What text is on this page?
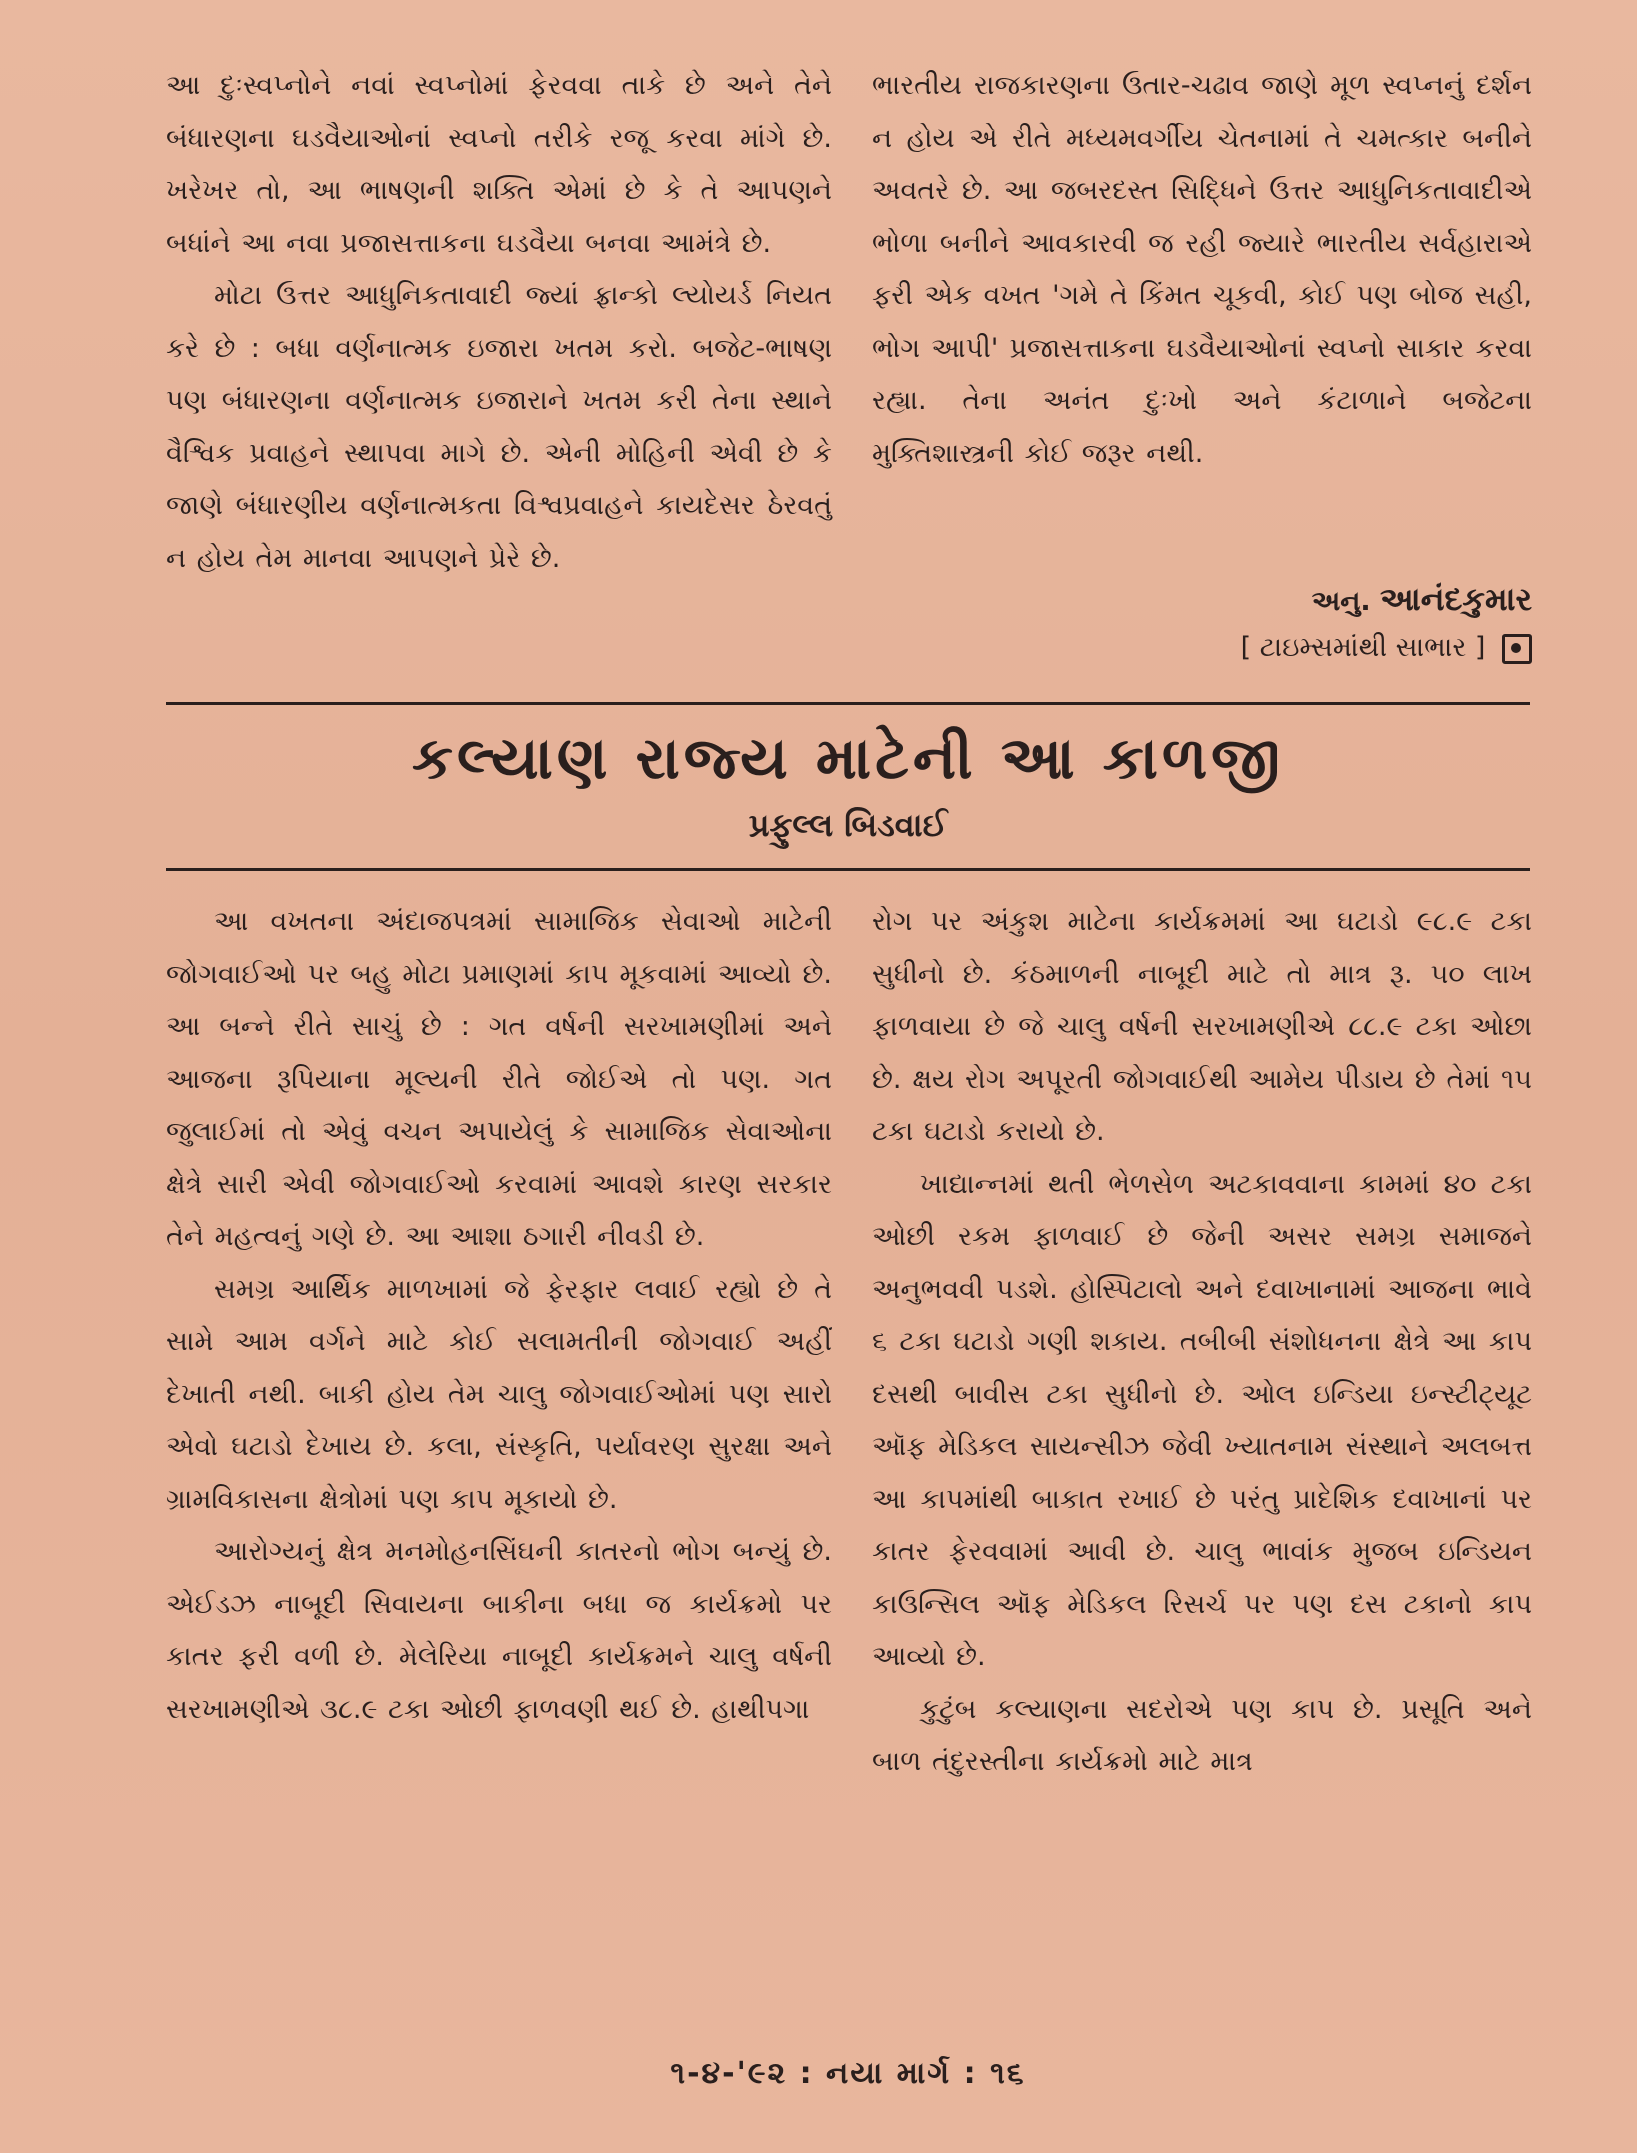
આ દુઃસ્વપ્નોને નવાં સ્વપ્નોમાં ફેરવવા તાકે છે અને તેને બંધારણના ઘડવૈયાઓનાં સ્વપ્નો તરીકે રજૂ કરવા માંગે છે. ખરેખર તો, આ ભાષણની શક્તિ એમાં છે કે તે આપણને બધાંને આ નવા પ્રજાસત્તાકના ઘડવૈયા બનવા આમંત્રે છે.

મોટા ઉત્તર આધુનિકતાવાદી જ્યાં ફ્રાન્કો લ્યોયર્ડ નિયત કરે છે : બધા વર્ણનાત્મક ઇજારા ખતમ કરો. બજેટ-ભાષણ પણ બંધારણના વર્ણનાત્મક ઇજારાને ખતમ કરી તેના સ્થાને વૈશ્વિક પ્રવાહને સ્થાપવા માગે છે. એની મોહિની એવી છે કે જાણે બંધારણીય વર્ણનાત્મકતા વિશ્વપ્રવાહને કાયદેસર ઠેરવતું ન હોય તેમ માનવા આપણને પ્રેરે છે.

ભારતીય રાજકારણના ઉતાર-ચઢાવ જાણે મૂળ સ્વપ્નનું દર્શન ન હોય એ રીતે મધ્યમવર્ગીય ચેતનામાં તે ચમત્કાર બનીને અવતરે છે. આ જબરદસ્ત સિદ્ધિને ઉત્તર આધુનિકતાવાદીએ ભોળા બનીને આવકારવી જ રહી જ્યારે ભારતીય સર્વહારાએ ફરી એક વખત 'ગમે તે કિંમત ચૂકવી, કોઈ પણ બોજ સહી, ભોગ આપી' પ્રજાસત્તાકના ઘડવૈયાઓનાં સ્વપ્નો સાકાર કરવા રહ્યા. તેના અનંત દુઃખો અને કંટાળાને બજેટના મુક્તિશાસ્ત્રની કોઈ જરૂર નથી.

અનુ. આનંદકુમાર
[ ટાઇમ્સમાંથી સાભાર ]
કલ્યાણ રાજ્ય માટેની આ કાળજી
પ્રફુલ્લ બિડવાઈ

આ વખતના અંદાજપત્રમાં સામાજિક સેવાઓ માટેની જોગવાઈઓ પર બહુ મોટા પ્રમાણમાં કાપ મૂકવામાં આવ્યો છે. આ બન્ને રીતે સાચું છે : ગત વર્ષની સરખામણીમાં અને આજના રૂપિયાના મૂલ્યની રીતે જોઈએ તો પણ. ગત જુલાઈમાં તો એવું વચન અપાયેલું કે સામાજિક સેવાઓના ક્ષેત્રે સારી એવી જોગવાઈઓ કરવામાં આવશે કારણ સરકાર તેને મહત્વનું ગણે છે. આ આશા ઠગારી નીવડી છે.

સમગ્ર આર્થિક માળખામાં જે ફેરફાર લવાઈ રહ્યો છે તે સામે આમ વર્ગને માટે કોઈ સલામતીની જોગવાઈ અહીં દેખાતી નથી. બાકી હોય તેમ ચાલુ જોગવાઈઓમાં પણ સારો એવો ઘટાડો દેખાય છે. કલા, સંસ્કૃતિ, પર્યાવરણ સુરક્ષા અને ગ્રામવિકાસના ક્ષેત્રોમાં પણ કાપ મૂકાયો છે.

આરોગ્યનું ક્ષેત્ર મનમોહનસિંઘની કાતરનો ભોગ બન્યું છે. એઈડઝ નાબૂદી સિવાયના બાકીના બધા જ કાર્યક્રમો પર કાતર ફરી વળી છે. મેલેરિયા નાબૂદી કાર્યક્રમને ચાલુ વર્ષની સરખામણીએ ૩૮.૯ ટકા ઓછી ફાળવણી થઈ છે. હાથીપગા

રોગ પર અંકુશ માટેના કાર્યક્રમમાં આ ઘટાડો ૯૮.૯ ટકા સુધીનો છે. કંઠમાળની નાબૂદી માટે તો માત્ર રૂ. ૫૦ લાખ ફાળવાયા છે જે ચાલુ વર્ષની સરખામણીએ ૮૮.૯ ટકા ઓછા છે. ક્ષય રોગ અપૂરતી જોગવાઈથી આમેય પીડાય છે તેમાં ૧૫ ટકા ઘટાડો કરાયો છે.

ખાદ્યાન્નમાં થતી ભેળસેળ અટકાવવાના કામમાં ૪૦ ટકા ઓછી રકમ ફાળવાઈ છે જેની અસર સમગ્ર સમાજને અનુભવવી પડશે. હોસ્પિટાલો અને દવાખાનામાં આજના ભાવે ૬ ટકા ઘટાડો ગણી શકાય. તબીબી સંશોધનના ક્ષેત્રે આ કાપ દસથી બાવીસ ટકા સુધીનો છે. ઓલ ઇન્ડિયા ઇન્સ્ટીટ્યૂટ ઑફ મેડિકલ સાયન્સીઝ જેવી ખ્યાતનામ સંસ્થાને અલબત્ત આ કાપમાંથી બાકાત રખાઈ છે પરંતુ પ્રાદેશિક દવાખાનાં પર કાતર ફેરવવામાં આવી છે. ચાલુ ભાવાંક મુજબ ઇન્ડિયન કાઉન્સિલ ઑફ મેડિકલ રિસર્ચ પર પણ દસ ટકાનો કાપ આવ્યો છે.

કુટુંબ કલ્યાણના સદરોએ પણ કાપ છે. પ્રસૂતિ અને બાળ તંદુરસ્તીના કાર્યક્રમો માટે માત્ર

૧-૪-'૯૨ : નયા માર્ગ : ૧૬
